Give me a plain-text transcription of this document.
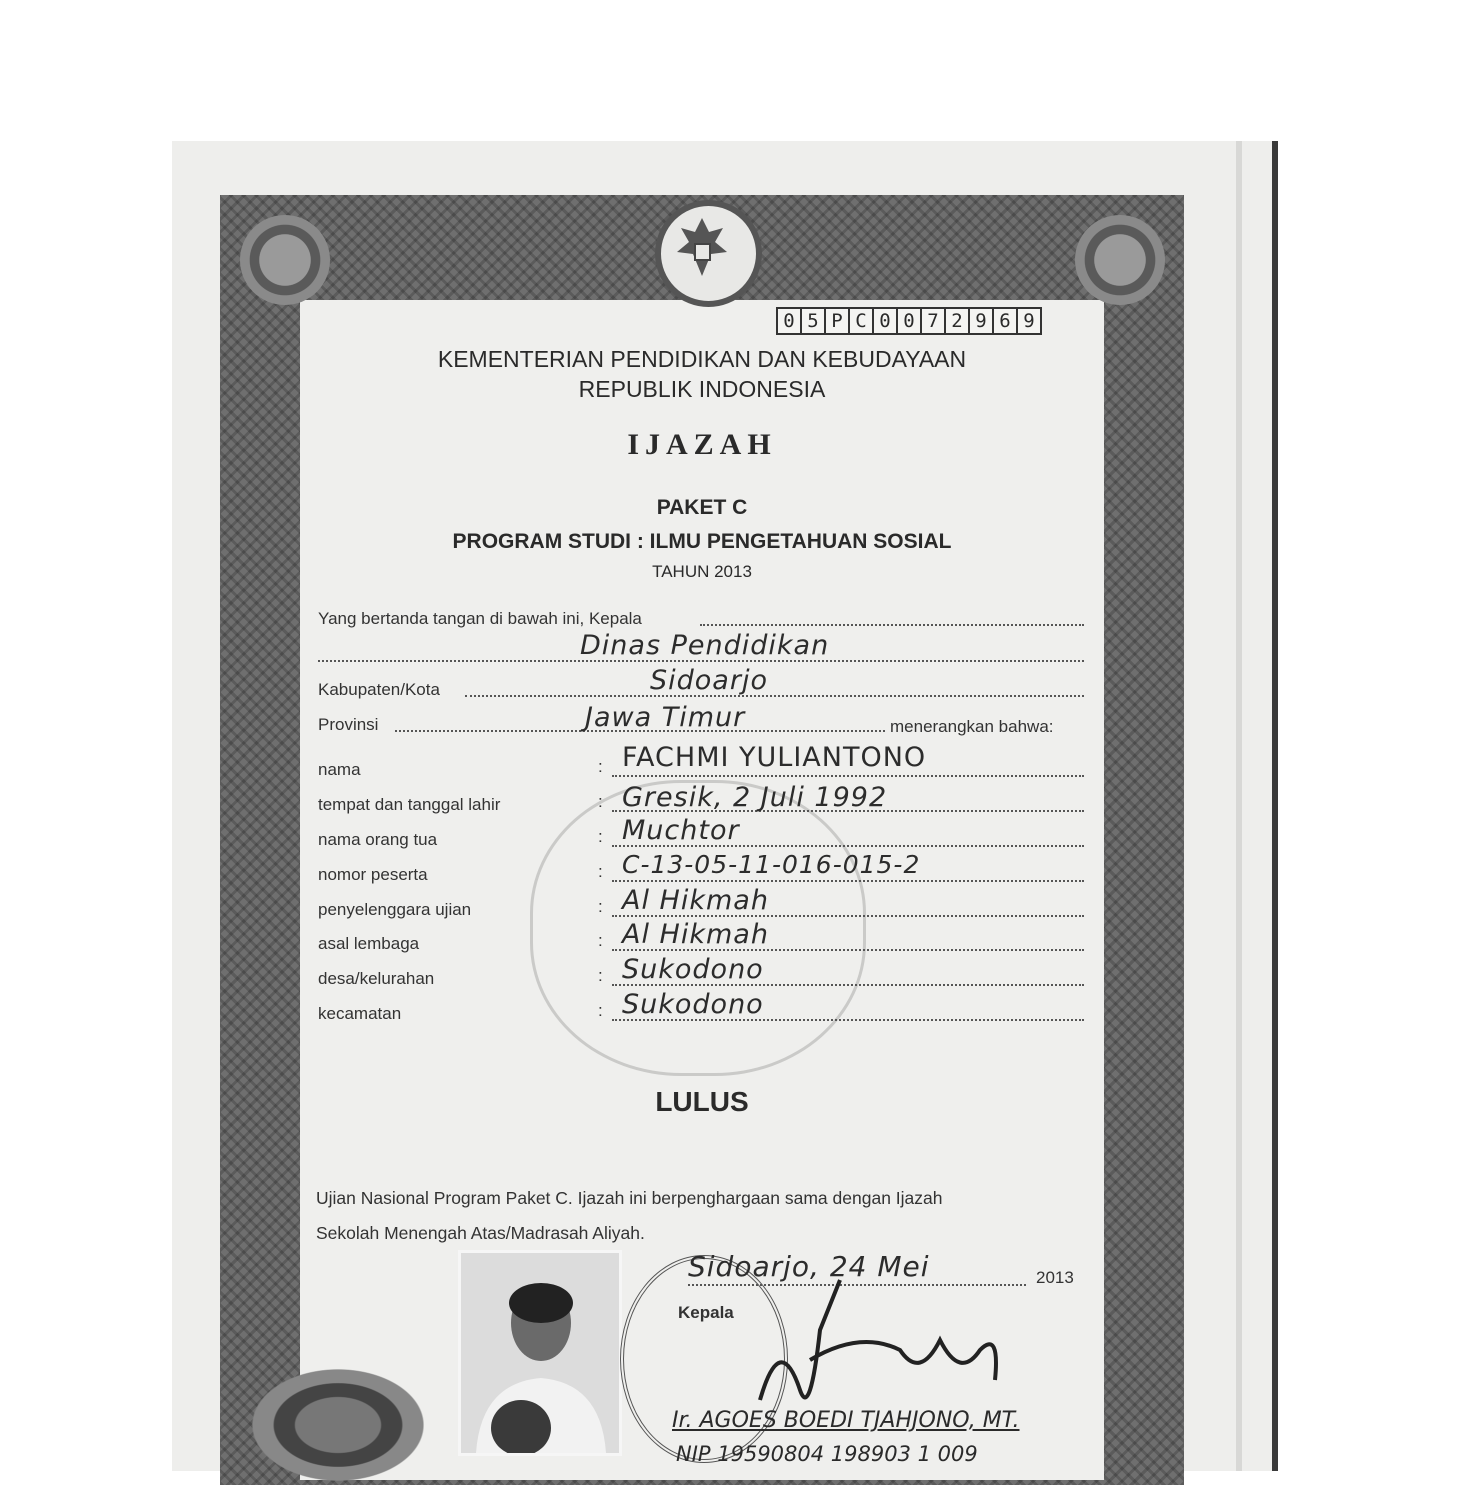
0 5 P C 0 0 7 2 9 6 9
KEMENTERIAN PENDIDIKAN DAN KEBUDAYAAN
REPUBLIK INDONESIA
IJAZAH
PAKET C
PROGRAM STUDI : ILMU PENGETAHUAN SOSIAL
TAHUN 2013
Yang bertanda tangan di bawah ini, Kepala
Dinas Pendidikan
Kabupaten/Kota	Sidoarjo
Provinsi	Jawa Timur	menerangkan bahwa:
nama	: FACHMI YULIANTONO
tempat dan tanggal lahir	: Gresik, 2 Juli 1992
nama orang tua	: Muchtor
nomor peserta	: C-13-05-11-016-015-2
penyelenggara ujian	: Al Hikmah
asal lembaga	: Al Hikmah
desa/kelurahan	: Sukodono
kecamatan	: Sukodono
LULUS
Ujian Nasional Program Paket C. Ijazah ini berpenghargaan sama dengan Ijazah
Sekolah Menengah Atas/Madrasah Aliyah.
Sidoarjo, 24 Mei	2013
Kepala
Ir. AGOES BOEDI TJAHJONO, MT.
NIP 19590804 198903 1 009
